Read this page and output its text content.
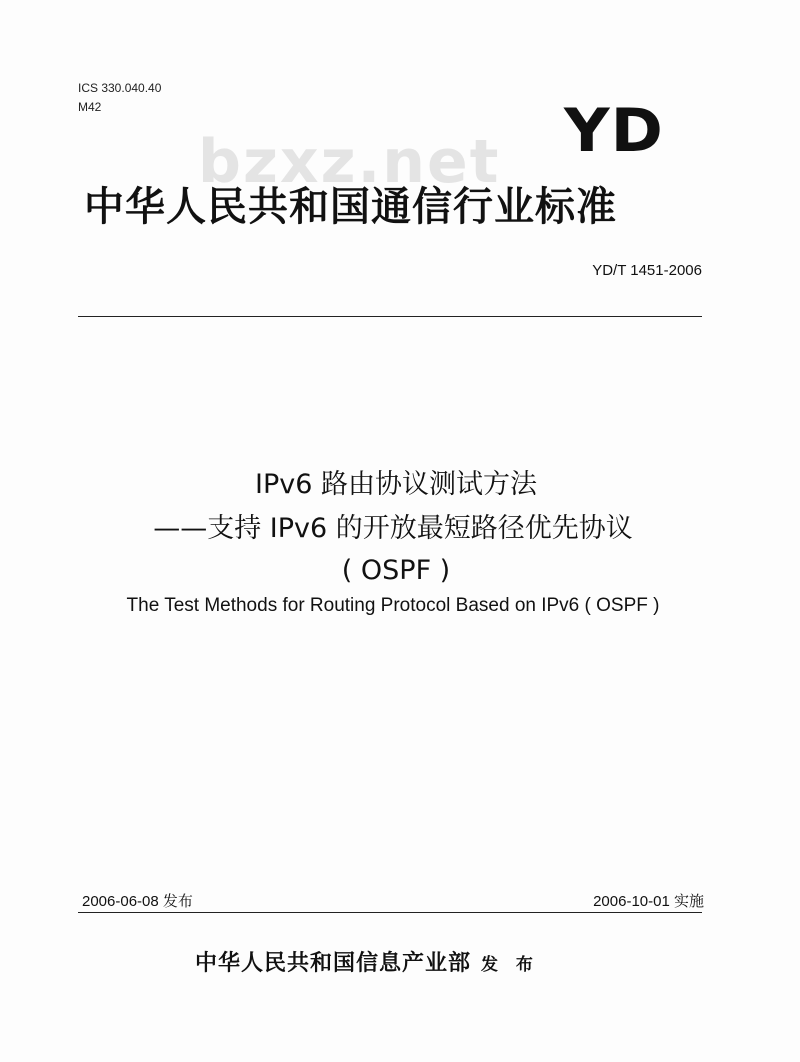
ICS 330.040.40
M42
bzxz.net YD
中华人民共和国通信行业标准
YD/T 1451-2006
IPv6 路由协议测试方法
——支持 IPv6 的开放最短路径优先协议
( OSPF )
The Test Methods for Routing Protocol Based on IPv6 ( OSPF )
2006-06-08 发布	2006-10-01 实施
中华人民共和国信息产业部 发 布
